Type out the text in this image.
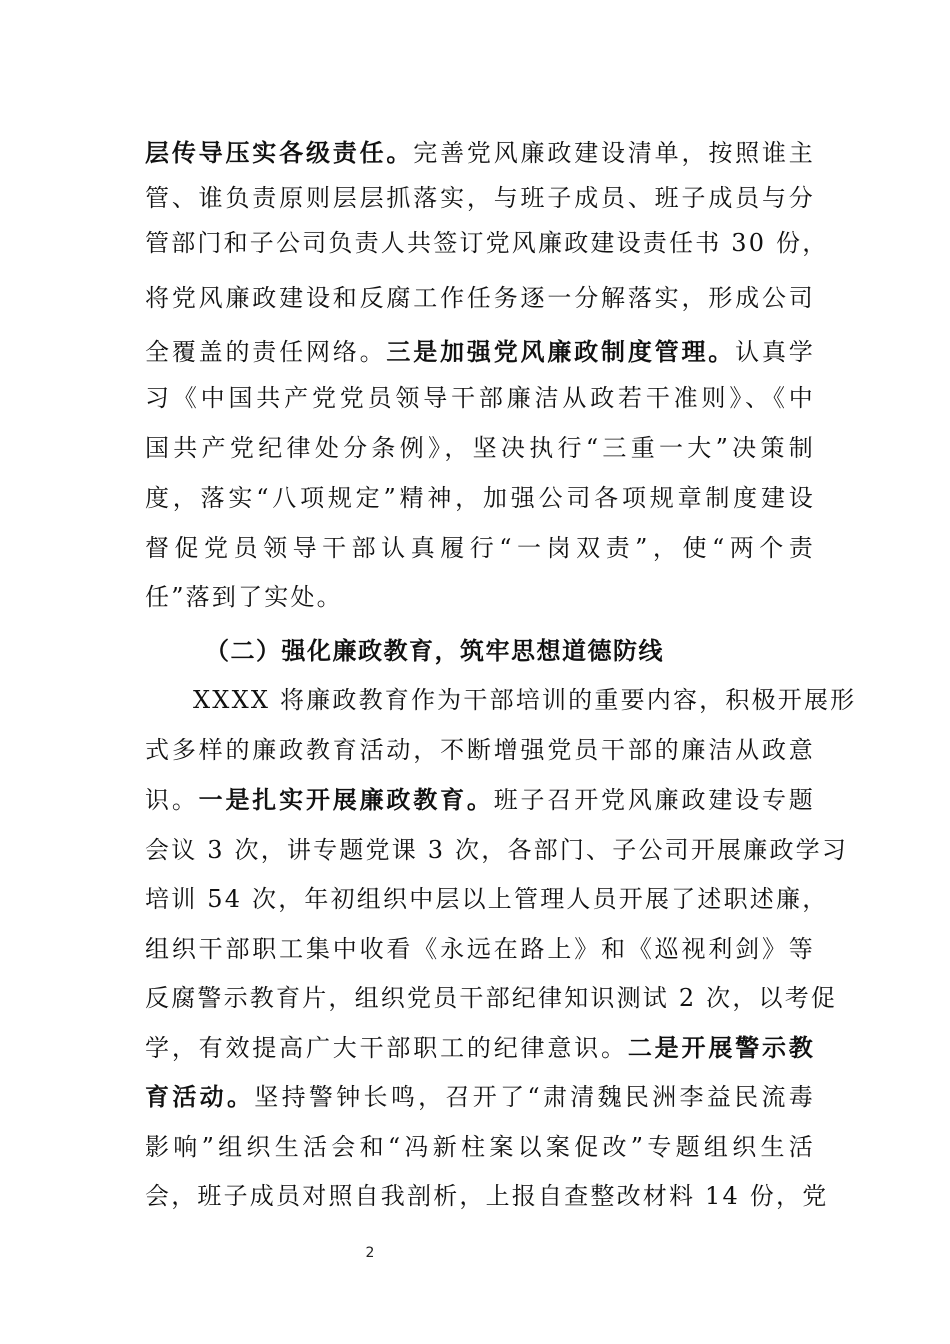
层传导压实各级责任。完善党风廉政建设清单，按照谁主
管、谁负责原则层层抓落实，与班子成员、班子成员与分
管部门和子公司负责人共签订党风廉政建设责任书 30 份，
将党风廉政建设和反腐工作任务逐一分解落实，形成公司
全覆盖的责任网络。三是加强党风廉政制度管理。认真学
习《中国共产党党员领导干部廉洁从政若干准则》、《中
国共产党纪律处分条例》，坚决执行“三重一大”决策制
度，落实“八项规定”精神，加强公司各项规章制度建设
督促党员领导干部认真履行“一岗双责”，使“两个责
任”落到了实处。
（二）强化廉政教育，筑牢思想道德防线
XXXX 将廉政教育作为干部培训的重要内容，积极开展形
式多样的廉政教育活动，不断增强党员干部的廉洁从政意
识。一是扎实开展廉政教育。班子召开党风廉政建设专题
会议 3 次，讲专题党课 3 次，各部门、子公司开展廉政学习
培训 54 次，年初组织中层以上管理人员开展了述职述廉，
组织干部职工集中收看《永远在路上》和《巡视利剑》等
反腐警示教育片，组织党员干部纪律知识测试 2 次，以考促
学，有效提高广大干部职工的纪律意识。二是开展警示教
育活动。坚持警钟长鸣，召开了“肃清魏民洲李益民流毒
影响”组织生活会和“冯新柱案以案促改”专题组织生活
会，班子成员对照自我剖析，上报自查整改材料 14 份，党
2
